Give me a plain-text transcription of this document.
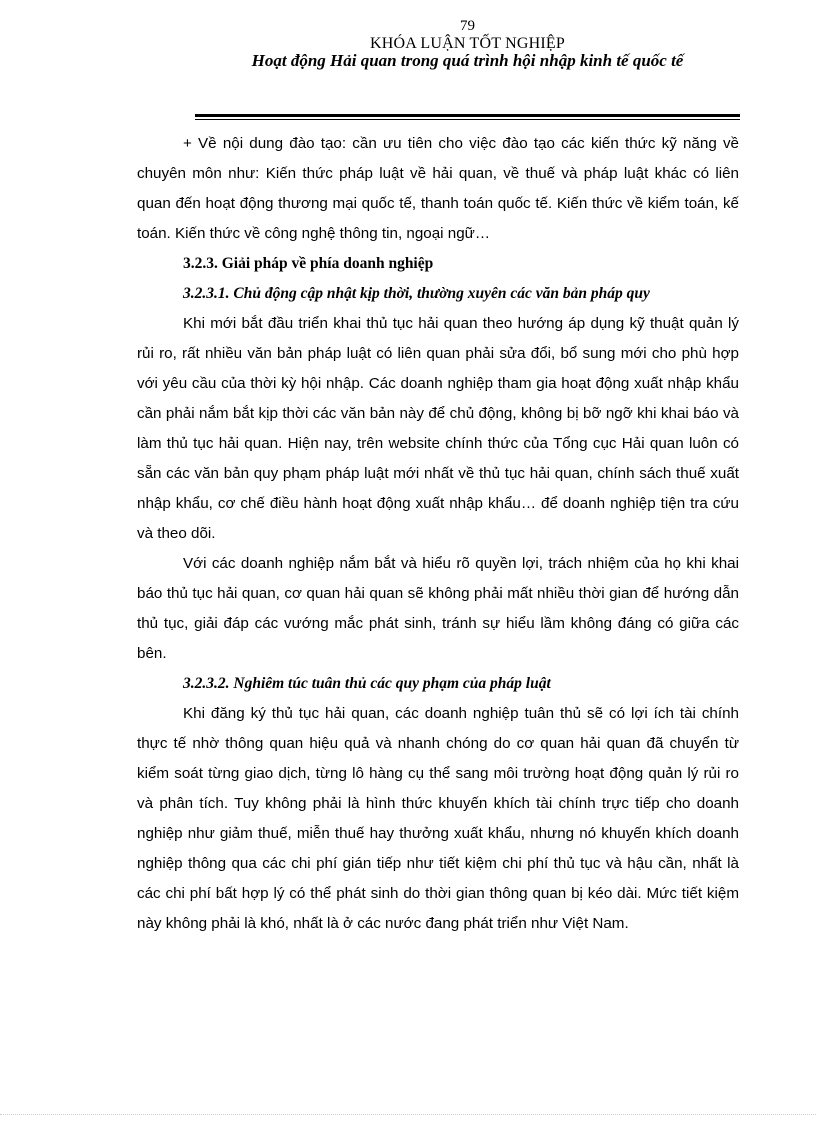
79

KHÓA LUẬN TỐT NGHIỆP

Hoạt động Hải quan trong quá trình hội nhập kinh tế quốc tế

+ Về nội dung đào tạo: cần ưu tiên cho việc đào tạo các kiến thức kỹ năng về chuyên môn như: Kiến thức pháp luật về hải quan, về thuế và pháp luật khác có liên quan đến hoạt động thương mại quốc tế, thanh toán quốc tế. Kiến thức về kiểm toán, kế toán. Kiến thức về công nghệ thông tin, ngoại ngữ…

3.2.3. Giải pháp về phía doanh nghiệp
3.2.3.1. Chủ động cập nhật kịp thời, thường xuyên các văn bản pháp quy

Khi mới bắt đầu triển khai thủ tục hải quan theo hướng áp dụng kỹ thuật quản lý rủi ro, rất nhiều văn bản pháp luật có liên quan phải sửa đổi, bổ sung mới cho phù hợp với yêu cầu của thời kỳ hội nhập. Các doanh nghiệp tham gia hoạt động xuất nhập khẩu cần phải nắm bắt kịp thời các văn bản này để chủ động, không bị bỡ ngỡ khi khai báo và làm thủ tục hải quan. Hiện nay, trên website chính thức của Tổng cục Hải quan luôn có sẵn các văn bản quy phạm pháp luật mới nhất về thủ tục hải quan, chính sách thuế xuất nhập khẩu, cơ chế điều hành hoạt động xuất nhập khẩu… để doanh nghiệp tiện tra cứu và theo dõi.

Với các doanh nghiệp nắm bắt và hiểu rõ quyền lợi, trách nhiệm của họ khi khai báo thủ tục hải quan, cơ quan hải quan sẽ không phải mất nhiều thời gian để hướng dẫn thủ tục, giải đáp các vướng mắc phát sinh, tránh sự hiểu lầm không đáng có giữa các bên.

3.2.3.2. Nghiêm túc tuân thủ các quy phạm của pháp luật

Khi đăng ký thủ tục hải quan, các doanh nghiệp tuân thủ sẽ có lợi ích tài chính thực tế nhờ thông quan hiệu quả và nhanh chóng do cơ quan hải quan đã chuyển từ kiểm soát từng giao dịch, từng lô hàng cụ thể sang môi trường hoạt động quản lý rủi ro và phân tích. Tuy không phải là hình thức khuyến khích tài chính trực tiếp cho doanh nghiệp như giảm thuế, miễn thuế hay thưởng xuất khẩu, nhưng nó khuyến khích doanh nghiệp thông qua các chi phí gián tiếp như tiết kiệm chi phí thủ tục và hậu cần, nhất là các chi phí bất hợp lý có thể phát sinh do thời gian thông quan bị kéo dài. Mức tiết kiệm này không phải là khó, nhất là ở các nước đang phát triển như Việt Nam.
